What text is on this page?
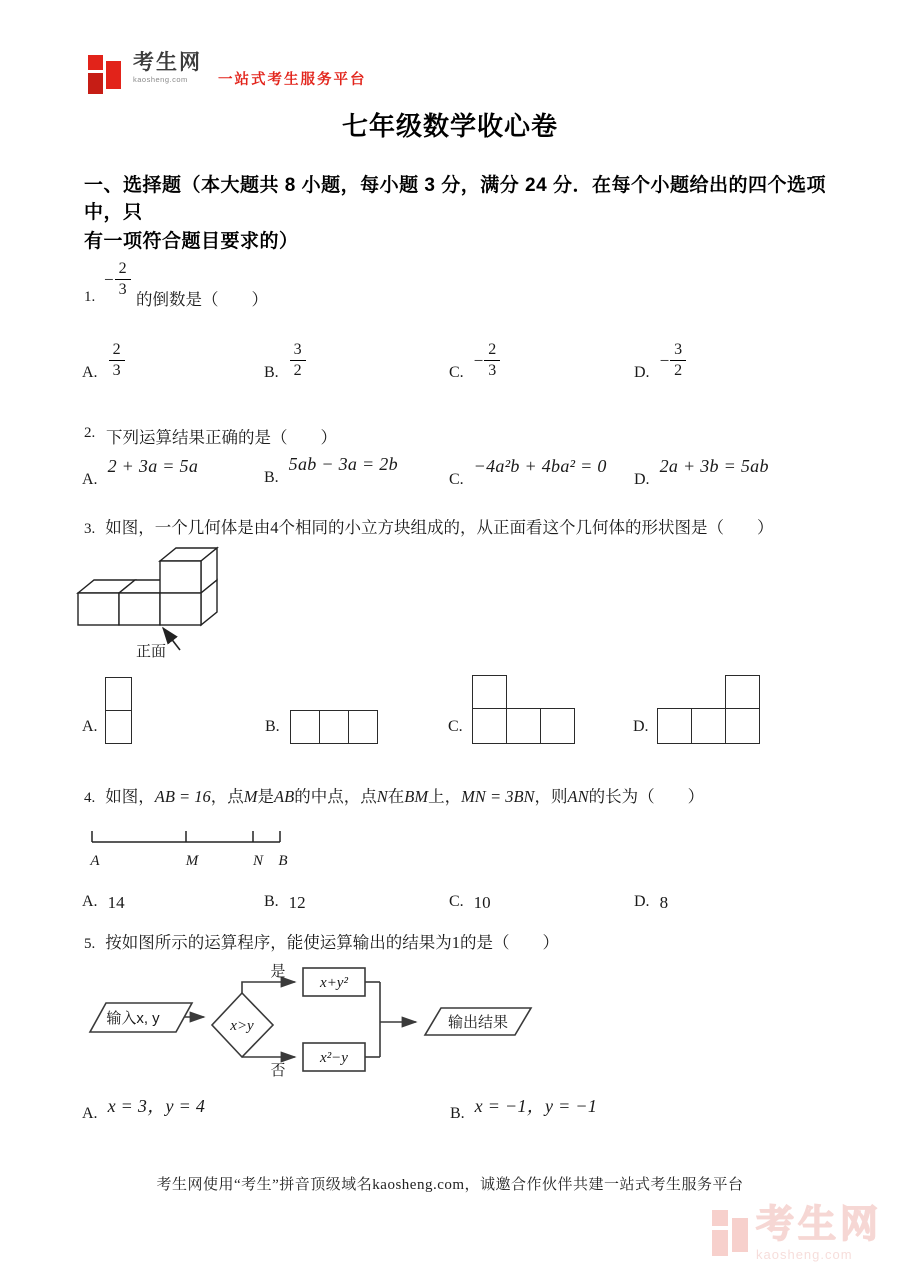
考生网
kaosheng.com	一站式考生服务平台
七年级数学收心卷
一、选择题（本大题共 8 小题，每小题 3 分，满分 24 分．在每个小题给出的四个选项中，只
有一项符合题目要求的）
1.
− $\frac{2}{3}$ 的倒数是（　　）
A.
2
3	B.
3
2	C.
− $\frac{2}{3}$	D.
− $\frac{3}{2}$
2. 下列运算结果正确的是（　　）
A.
2 + 3a = 5a
B.
5ab − 3a = 2b
C.
−4a²b + 4ba² = 0
D.
2a + 3b = 5ab
3. 如图，一个几何体是由4个相同的小立方块组成的，从正面看这个几何体的形状图是（　　）
正面
A.	B.	C.	D.
4. 如图，AB = 16，点M是AB的中点，点N在BM上，MN = 3BN，则AN的长为（　　）
A	M	N B
A. 14	B. 12	C. 10	D. 8
5. 按如图所示的运算程序，能使运算输出的结果为1的是（　　）
输入x, y	x>y
是
x+y²
否
x²−y
输出结果
A. x = 3，y = 4	B. x = −1，y = −1
考生网使用“考生”拼音顶级域名kaosheng.com，诚邀合作伙伴共建一站式考生服务平台
考生网
kaosheng.com
